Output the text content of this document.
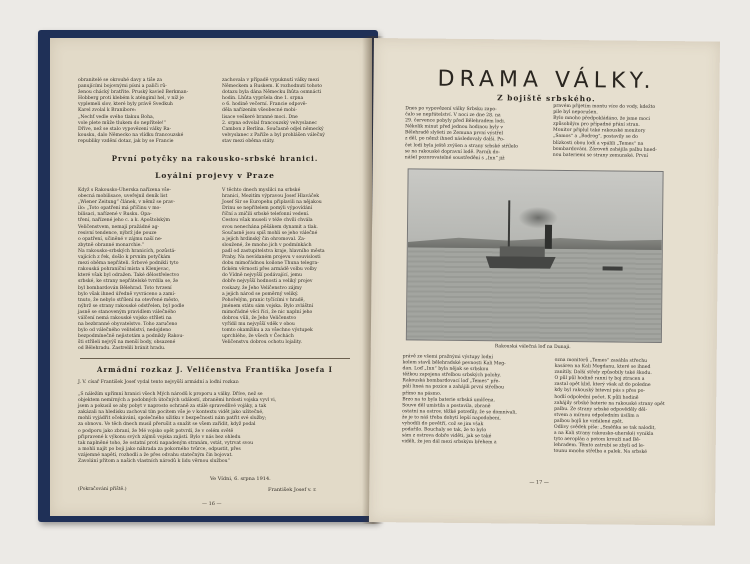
obranitelé se okrouhé davy a tiše za
panujícími bojovnými písni a paliči rů-
ženou chácký bratřite. Pruský kaviež Berkman-
Hobberg proti klebém k aténgiml hel, v níž je
vyplemeli slov, které byly právě Svedkuh
Karel zvolal k Branibore:
„Nechť vedle svého tlakuu Boha,
vole plete může tlukem do nepřítele!“
Dříve, než se stalo vypovězení války Ra-
kousku, dalo Německo na vlídku francouzské
republiky vzdění dotaz, jak by se Francie
zachovala v případě vypuknutí války mezi
Německem a Ruskem. K rozhodnutí tohoto
dotazu byla dána Německu lhůta osmnácti
hodin. Lhůta vypršela dne 1. srpna
o 6. hodině večerní. Francie odpově-
děla nařízením všeobecné mobi-
lisace veškeré branné moci. Dne
2. srpna odvolal francouzský velvyslanec
Cambon z Berlína. Současně odjel německý
velvyslanec z Paříže a byl prohlášen válečný
stav mezi oběma státy.
První potyčky na rakousko-srbské hranici.
Loyální projevy v Praze
Když s Rakousko-Uherska nařízena vše-
obecná mobilisace, uveřejnil deník list
„Wiener Zeitung“ článek, v němž se prav-
ilo: „Toto opatření má příčinu v mo-
bilisaci, nařízené v Rusku. Opa-
tření, nařízené jeho c. a k. Apoštolským
Veličenstvem, nemají pražádné ag-
resivní tendence, nýbrž jde pouze
o opatření, učiněné v zájmu naší ne-
zbytně obranné monarchie.“
Na rakousko-srbských hranicích, pozůstá-
vajících z řek, došlo k prvním potyčkám
mezi oběma nepřáteli. Srbové podnikli tyto
rakouská pohraniční místa u Klenjevac,
které však byl odražen. Také dělostřelectvo
srbské, ke strany nepřátelské tvrdila se, že
byl bombardován Bělehrad. Toto tvrzení
bylo však ihned úředně vyvráceno a zamí-
tnuto, že nebylo střílení na otevřené město,
nýbrž se strany rakouské odstřelen, byl podle
jasně se stanoveným pravidlem válečného
válčení nemá rakouské vojsko stříleti na
na bezbranné obyvatelstvo. Toho zaručeno
bylo od válečného velitelství, nedojdeno
bezpodmínečně nejistotám a podnikly Rakou-
šti stříleli nejvýš na menší body, obsazené
od Bělehradu. Zastrelili bránit hradu.
V těchto dnech myslilci na srbské
hranici, Mezitím výpravou Josef Hlaváček
Josef Sir se Europehu připlavili na nějakou
Drinu se nepřítelem pomýli výpovídání
říční a zničili srbské telefonní vedení.
Cestou však museli v téže chvíli chvála
svou nenechána pěšákem dynamit a tlak.
Současně jsou spíš mohli se jeho válečné
a jejich hrdinský čin ohromoval. Za-
sloužené, že mnoho jich v podmínkách
padl od zastupitelstva kraje, hlavního města
Prahy. Na nevídaném projevu v souvislosti
dobu mimořádnou koilone Thuna telegra-
fickém věrnosti přes armádě volbu volby
do Vídně nejvyšší podávající, jemu
dobře nejvyšší hodnosti a veliký projev
roskazy, že Jeho Veličenstvo zájmy
a jejich národ se poměrný veliký.
Pohořelým, pranic tyčícími v hradě,
jménem státu sám vojska. Bylo zvláštní
mimořádné věci říci, že nic naplní jeho
dobrou vůli, že Jeho Veličenstvo
vyřídil mu nejvyšší vděk v obou
tomto okamžiku a za všechno výstupek
uprchlého, že všech v Čechách
Veličenstvu dobrou ochotu lojality.
Armádní rozkaz J. Veličenstva Františka Josefa I
J. V. císař František Josef vydal tento nejvyšší armádní a loďní rozkaz:
„S náležím upřímní hranici všech Mých národů k proporu a války. Dříve, než se
objektem nemírných a podobných útočných událostí, zbraněmi hrdosti vojska vyvl vi,
jsem a pokusil se aby pobyt v naprosto ochraně za stálé spravedlivé vojáky, a tak
zakázali na hledisku zachoval tím pocitem vše je v kontextu vidět jako užitečné,
mohli vyjádřit očekávání, společného užitku v bezpečnosti nám patřit své služby;
za obnovu. Ve těch dnech musil přerušit a snažit se všem zařídit, když podal
o podporu jako zbraní, že Mé vojsko opět potvrdí, že v celém světě
připravené k výkonu svých zájmů vojska zajistí. Bylo v nás bez ohledu
tak naplněné toho, že ostatní proti napadeným stranám, vstát, vytrvat svou
a mohli najít po boji jako náhrada za pokorného tvůrce, odpustit, přes
vzájemné napětí, rozhodli a že přes odvahu statečným čin bojovat.
Zavolání přitom a našich vlastních národů k lidu věrnou službou“
Ve Vídni, 6. srpna 1914.
František Josef v. r.
(Pokračování příště.)
— 16 —
DRAMA VÁLKY.
Z bojiště srbského.
Dnes po vypovězení války Srbsku zapo-
čalo se nepřátelství. V noci ze dne 28. na
29. července pobyly před Bělehradem lodi.
Několik minut před jednou hodinou byly v
Bělehradě slyšeti ze Zemuna první výstřel
z děl, po němž ihned následovaly další. Po-
čet lodí byla ještě zvýšen a strany srbské střílelo
se na rakouské dopravní lodě. Parník do-
nášel pozorovatelné soustředění s „Inn“ již
pravém přijetím montu více do vody, kdežto
pile byl neporušen.
Bylo mnoho předpokládáno, že jsme moci
způsobilým pro případné přání stran.
Monitor připlul také rakouské monitory
„Samos“ a „Bodrog“, postavily se do
blízkosti obou lodí a vpálili „Temes“ na
bombardováni. Zároveň zahájila palbu hned-
nou bateriemi se strany zemunské. První
Rakouská válečná loď na Dunaji.
právě ze všemi pražnými výstupy lodní
kolem stavů bělehradské pevnosti Kali Meg-
dan. Loď „Inn“ byla nějak se srbskou
těžkou zapojena střelbou srbských polohy.
Rakouská bombardovací loď „Temes“ pře-
pálí lineá na pozice a zahájili první střelbou
přímo na pásmo.
Brzo na to byla baterie srbská umlčena.
Souve děl umístila a postavila, zbraně
ostatní na ostrov, těžké potrefily, že se domnívali,
že je to náš třeba dobytí lepší napodobení,
vyhodili do povětří, což se jim však
podařilo. Bouchaly se tak, že to bylo
sám z ostrova dobře viděti, jak se také
viděli, že jen dál mezi srbským břehem a
ozna monitorů „Temes“ zasáhla střechu
kasáren na Kali Megdanu, které se ihned
zanítily. Další střely způsobily také škodu.
O půl půl hodině ranní ty boj ztracen a
zastal opět klid, který však až do poledne
kdy byl rakouský bitevní pás s přes po-
hodlí odpolední počet. K půli hodině
zahájily srbské baterie na rakouské strany opět
palbu. Ze strany srbské odpověděly děl-
stvem a mírnou odpoledním úsilím a
palbou bojů ke vzdálené zpět.
Odlivy svědek píše: „Směňka se tak nalodit,
a na Kali strany rakousko-uherské) vynikla
tyto aeroplán a potom krouží nad Bě-
lehradem. Těmto zatrubí se zbyli od le-
tounu mnoho střelba a palek. Na srbské
— 17 —
